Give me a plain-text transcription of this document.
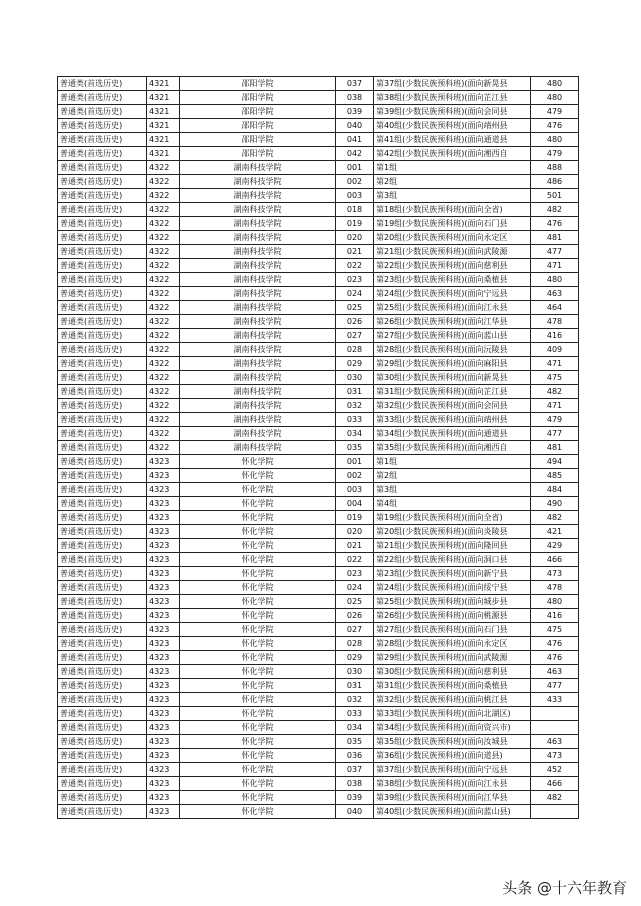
普通类(首选历史)	4321	邵阳学院	037	第37组(少数民族预科班)(面向新晃县	480
普通类(首选历史)	4321	邵阳学院	038	第38组(少数民族预科班)(面向芷江县	480
普通类(首选历史)	4321	邵阳学院	039	第39组(少数民族预科班)(面向会同县	479
普通类(首选历史)	4321	邵阳学院	040	第40组(少数民族预科班)(面向靖州县	476
普通类(首选历史)	4321	邵阳学院	041	第41组(少数民族预科班)(面向通道县	480
普通类(首选历史)	4321	邵阳学院	042	第42组(少数民族预科班)(面向湘西自	479
普通类(首选历史)	4322	湖南科技学院	001	第1组	488
普通类(首选历史)	4322	湖南科技学院	002	第2组	486
普通类(首选历史)	4322	湖南科技学院	003	第3组	501
普通类(首选历史)	4322	湖南科技学院	018	第18组(少数民族预科班)(面向全省)	482
普通类(首选历史)	4322	湖南科技学院	019	第19组(少数民族预科班)(面向石门县	476
普通类(首选历史)	4322	湖南科技学院	020	第20组(少数民族预科班)(面向永定区	481
普通类(首选历史)	4322	湖南科技学院	021	第21组(少数民族预科班)(面向武陵源	477
普通类(首选历史)	4322	湖南科技学院	022	第22组(少数民族预科班)(面向慈利县	471
普通类(首选历史)	4322	湖南科技学院	023	第23组(少数民族预科班)(面向桑植县	480
普通类(首选历史)	4322	湖南科技学院	024	第24组(少数民族预科班)(面向宁远县	463
普通类(首选历史)	4322	湖南科技学院	025	第25组(少数民族预科班)(面向江永县	464
普通类(首选历史)	4322	湖南科技学院	026	第26组(少数民族预科班)(面向江华县	478
普通类(首选历史)	4322	湖南科技学院	027	第27组(少数民族预科班)(面向蓝山县	416
普通类(首选历史)	4322	湖南科技学院	028	第28组(少数民族预科班)(面向沅陵县	409
普通类(首选历史)	4322	湖南科技学院	029	第29组(少数民族预科班)(面向麻阳县	471
普通类(首选历史)	4322	湖南科技学院	030	第30组(少数民族预科班)(面向新晃县	475
普通类(首选历史)	4322	湖南科技学院	031	第31组(少数民族预科班)(面向芷江县	482
普通类(首选历史)	4322	湖南科技学院	032	第32组(少数民族预科班)(面向会同县	471
普通类(首选历史)	4322	湖南科技学院	033	第33组(少数民族预科班)(面向靖州县	479
普通类(首选历史)	4322	湖南科技学院	034	第34组(少数民族预科班)(面向通道县	477
普通类(首选历史)	4322	湖南科技学院	035	第35组(少数民族预科班)(面向湘西自	481
普通类(首选历史)	4323	怀化学院	001	第1组	494
普通类(首选历史)	4323	怀化学院	002	第2组	485
普通类(首选历史)	4323	怀化学院	003	第3组	484
普通类(首选历史)	4323	怀化学院	004	第4组	490
普通类(首选历史)	4323	怀化学院	019	第19组(少数民族预科班)(面向全省)	482
普通类(首选历史)	4323	怀化学院	020	第20组(少数民族预科班)(面向炎陵县	421
普通类(首选历史)	4323	怀化学院	021	第21组(少数民族预科班)(面向隆回县	429
普通类(首选历史)	4323	怀化学院	022	第22组(少数民族预科班)(面向洞口县	466
普通类(首选历史)	4323	怀化学院	023	第23组(少数民族预科班)(面向新宁县	473
普通类(首选历史)	4323	怀化学院	024	第24组(少数民族预科班)(面向绥宁县	478
普通类(首选历史)	4323	怀化学院	025	第25组(少数民族预科班)(面向城步县	480
普通类(首选历史)	4323	怀化学院	026	第26组(少数民族预科班)(面向桃源县	416
普通类(首选历史)	4323	怀化学院	027	第27组(少数民族预科班)(面向石门县	475
普通类(首选历史)	4323	怀化学院	028	第28组(少数民族预科班)(面向永定区	476
普通类(首选历史)	4323	怀化学院	029	第29组(少数民族预科班)(面向武陵源	476
普通类(首选历史)	4323	怀化学院	030	第30组(少数民族预科班)(面向慈利县	463
普通类(首选历史)	4323	怀化学院	031	第31组(少数民族预科班)(面向桑植县	477
普通类(首选历史)	4323	怀化学院	032	第32组(少数民族预科班)(面向桃江县	433
普通类(首选历史)	4323	怀化学院	033	第33组(少数民族预科班)(面向北湖区)	
普通类(首选历史)	4323	怀化学院	034	第34组(少数民族预科班)(面向资兴市)	
普通类(首选历史)	4323	怀化学院	035	第35组(少数民族预科班)(面向汝城县	463
普通类(首选历史)	4323	怀化学院	036	第36组(少数民族预科班)(面向道县)	473
普通类(首选历史)	4323	怀化学院	037	第37组(少数民族预科班)(面向宁远县	452
普通类(首选历史)	4323	怀化学院	038	第38组(少数民族预科班)(面向江永县	466
普通类(首选历史)	4323	怀化学院	039	第39组(少数民族预科班)(面向江华县	482
普通类(首选历史)	4323	怀化学院	040	第40组(少数民族预科班)(面向蓝山县)	
头条 @十六年教育
